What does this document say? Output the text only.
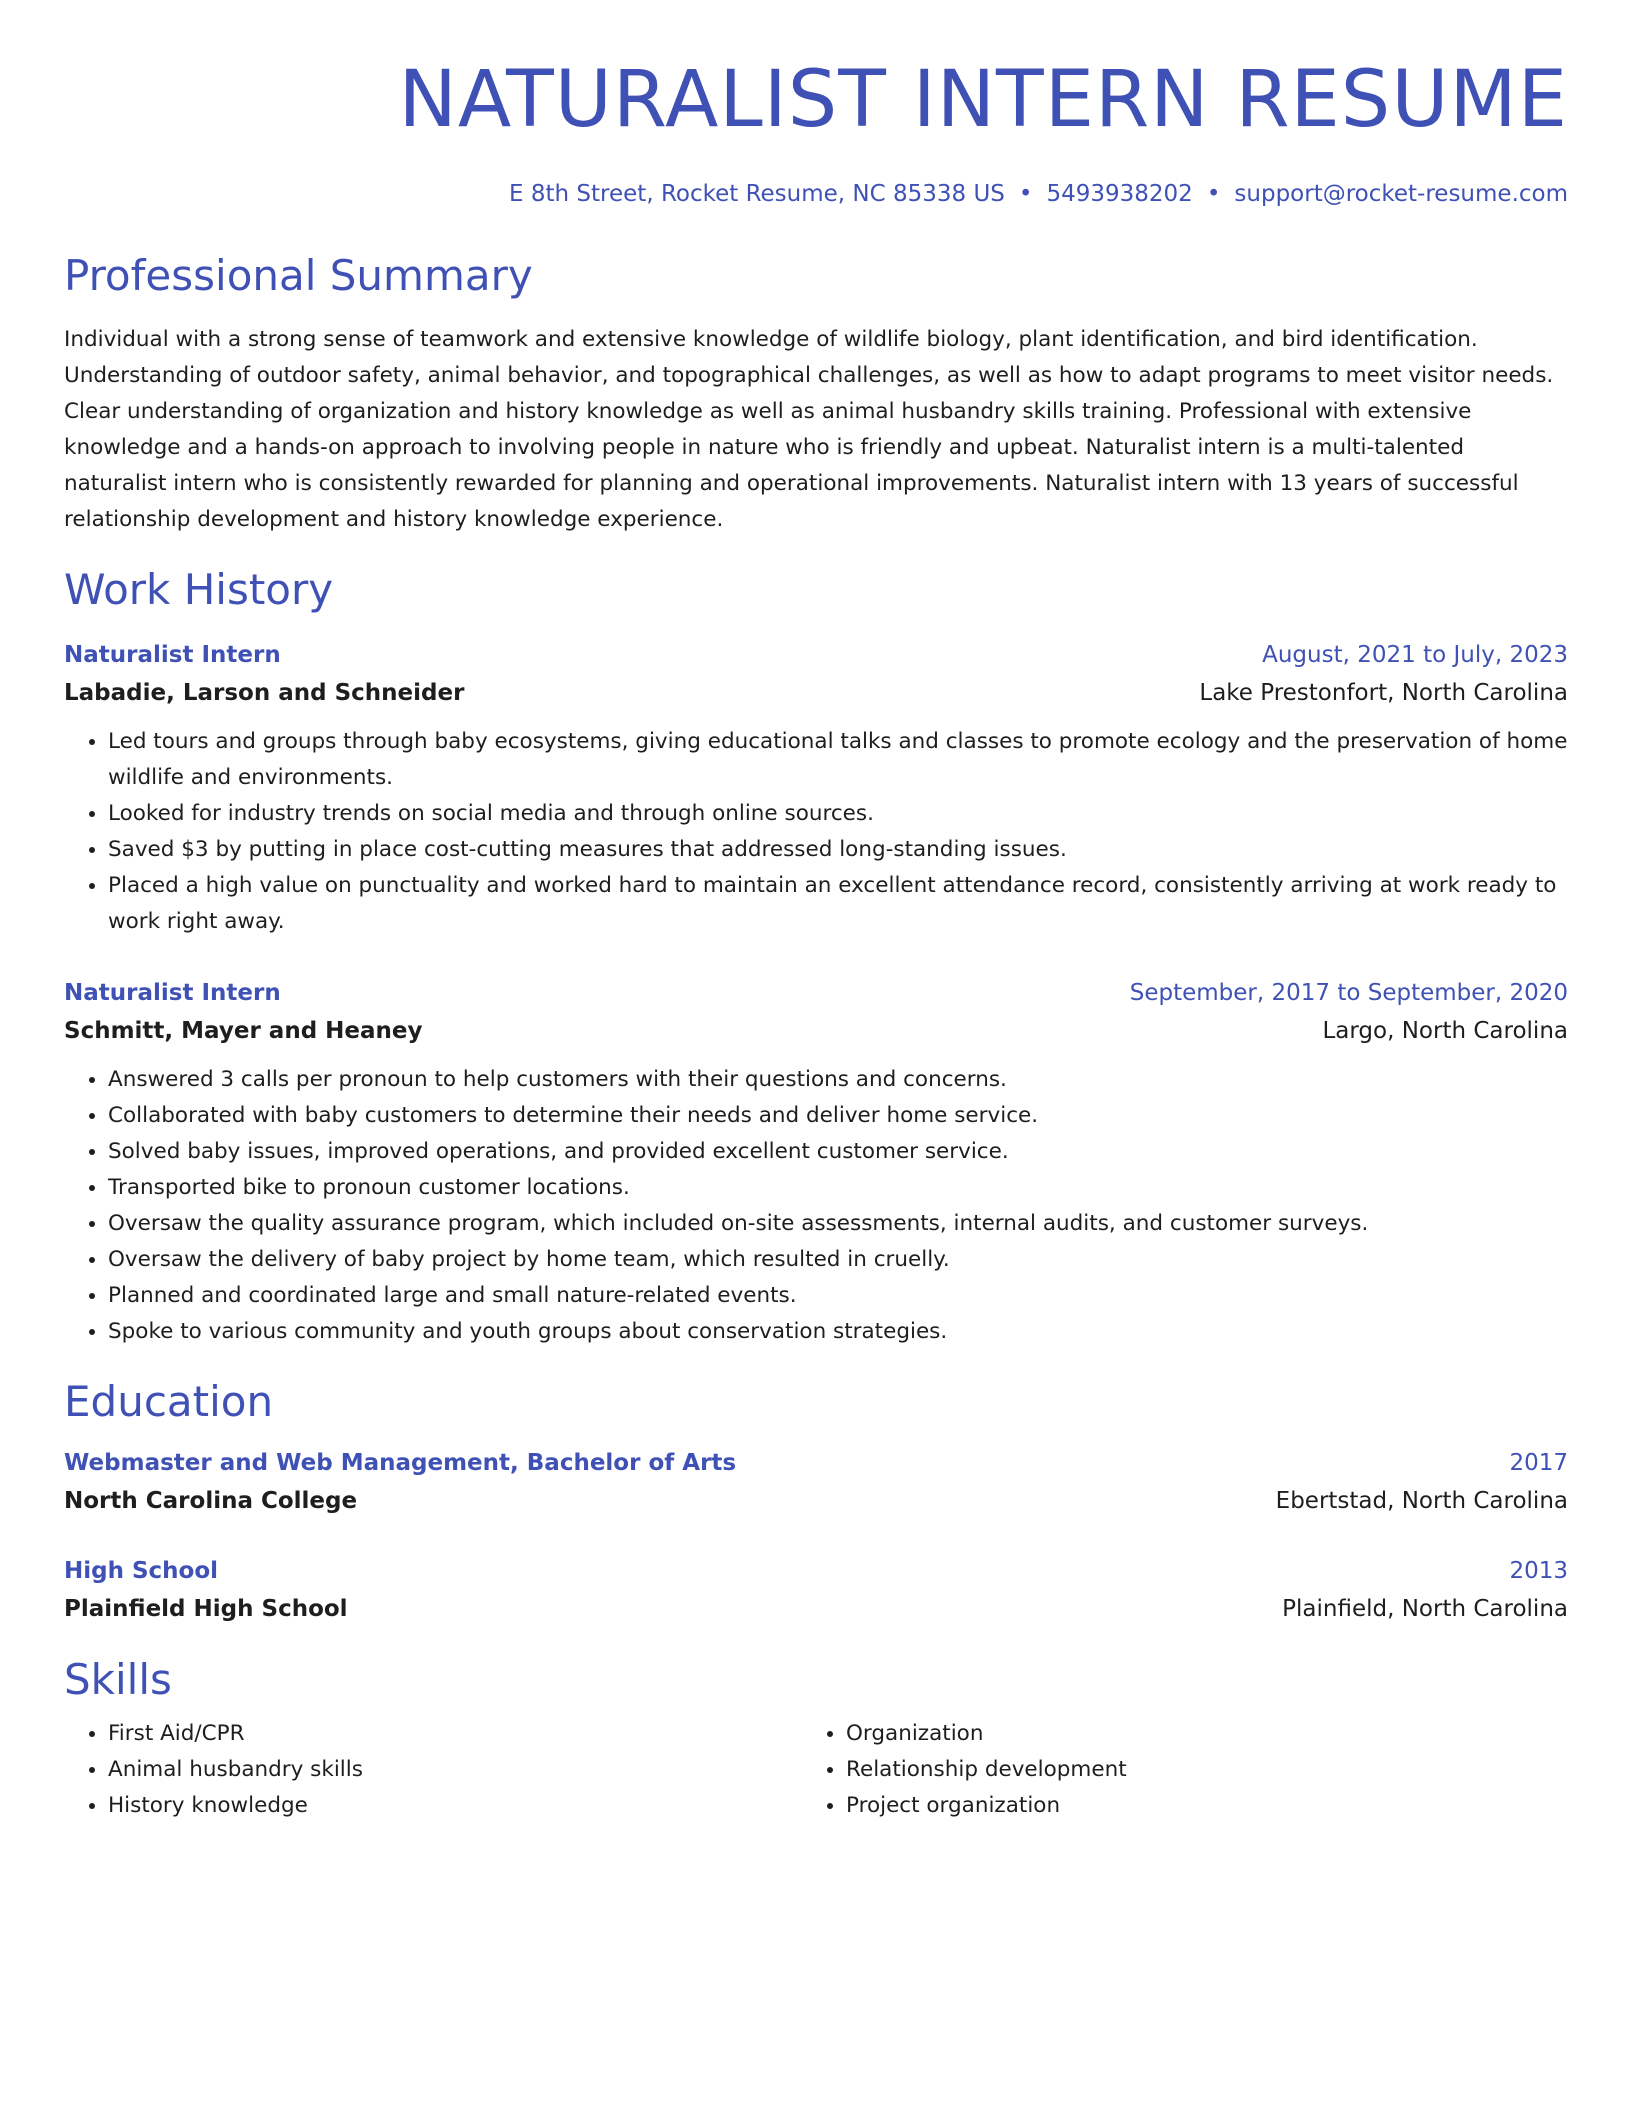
NATURALIST INTERN RESUME
E 8th Street, Rocket Resume, NC 85338 US • 5493938202 • support@rocket-resume.com
Professional Summary
Individual with a strong sense of teamwork and extensive knowledge of wildlife biology, plant identification, and bird identification. Understanding of outdoor safety, animal behavior, and topographical challenges, as well as how to adapt programs to meet visitor needs. Clear understanding of organization and history knowledge as well as animal husbandry skills training. Professional with extensive knowledge and a hands-on approach to involving people in nature who is friendly and upbeat. Naturalist intern is a multi-talented naturalist intern who is consistently rewarded for planning and operational improvements. Naturalist intern with 13 years of successful relationship development and history knowledge experience.
Work History
Naturalist Intern	August, 2021 to July, 2023
Labadie, Larson and Schneider	Lake Prestonfort, North Carolina
• Led tours and groups through baby ecosystems, giving educational talks and classes to promote ecology and the preservation of home wildlife and environments.
• Looked for industry trends on social media and through online sources.
• Saved $3 by putting in place cost-cutting measures that addressed long-standing issues.
• Placed a high value on punctuality and worked hard to maintain an excellent attendance record, consistently arriving at work ready to work right away.
Naturalist Intern	September, 2017 to September, 2020
Schmitt, Mayer and Heaney	Largo, North Carolina
• Answered 3 calls per pronoun to help customers with their questions and concerns.
• Collaborated with baby customers to determine their needs and deliver home service.
• Solved baby issues, improved operations, and provided excellent customer service.
• Transported bike to pronoun customer locations.
• Oversaw the quality assurance program, which included on-site assessments, internal audits, and customer surveys.
• Oversaw the delivery of baby project by home team, which resulted in cruelly.
• Planned and coordinated large and small nature-related events.
• Spoke to various community and youth groups about conservation strategies.
Education
Webmaster and Web Management, Bachelor of Arts	2017
North Carolina College	Ebertstad, North Carolina
High School	2013
Plainfield High School	Plainfield, North Carolina
Skills
• First Aid/CPR
• Animal husbandry skills
• History knowledge
• Organization
• Relationship development
• Project organization
